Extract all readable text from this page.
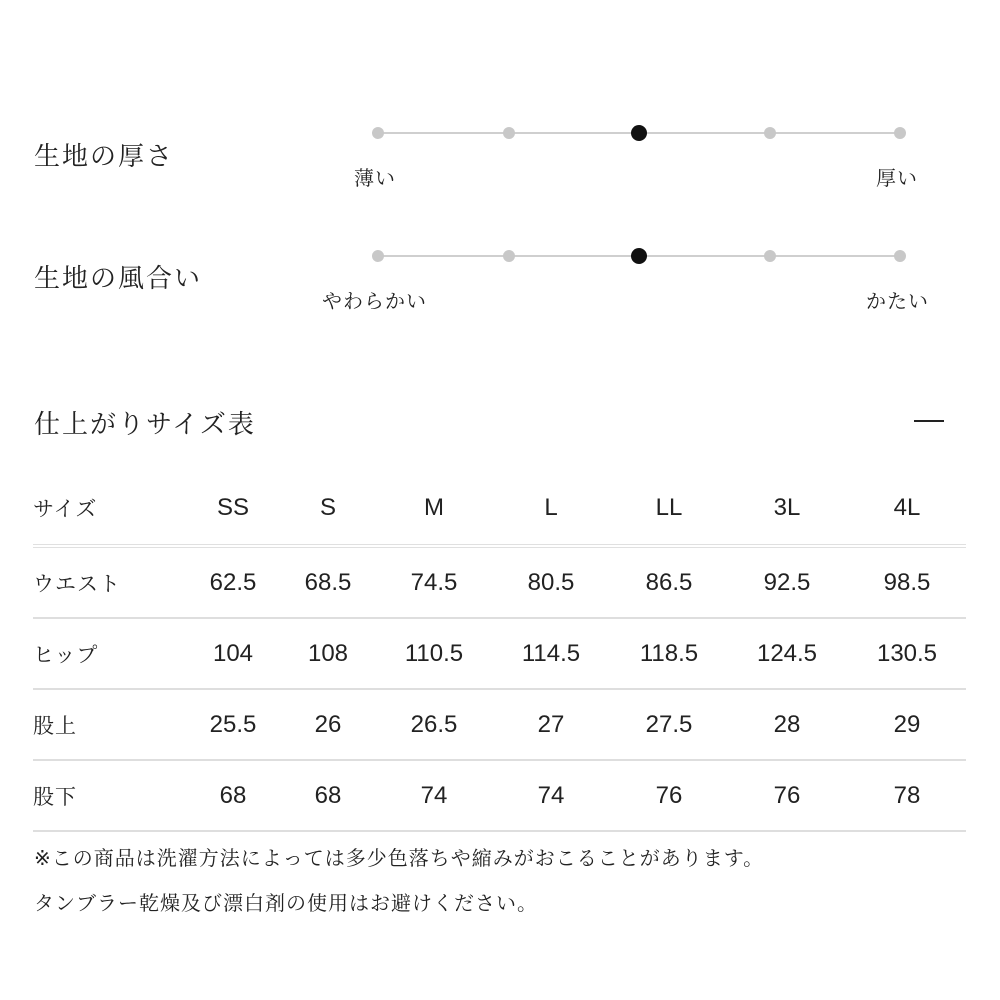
生地の厚さ
薄い	厚い
生地の風合い
やわらかい	かたい
仕上がりサイズ表
サイズ	SS	S	M	L	LL	3L	4L
ウエスト	62.5	68.5	74.5	80.5	86.5	92.5	98.5
ヒップ	104	108	110.5	114.5	118.5	124.5	130.5
股上	25.5	26	26.5	27	27.5	28	29
股下	68	68	74	74	76	76	78
※この商品は洗濯方法によっては多少色落ちや縮みがおこることがあります。
タンブラー乾燥及び漂白剤の使用はお避けください。
